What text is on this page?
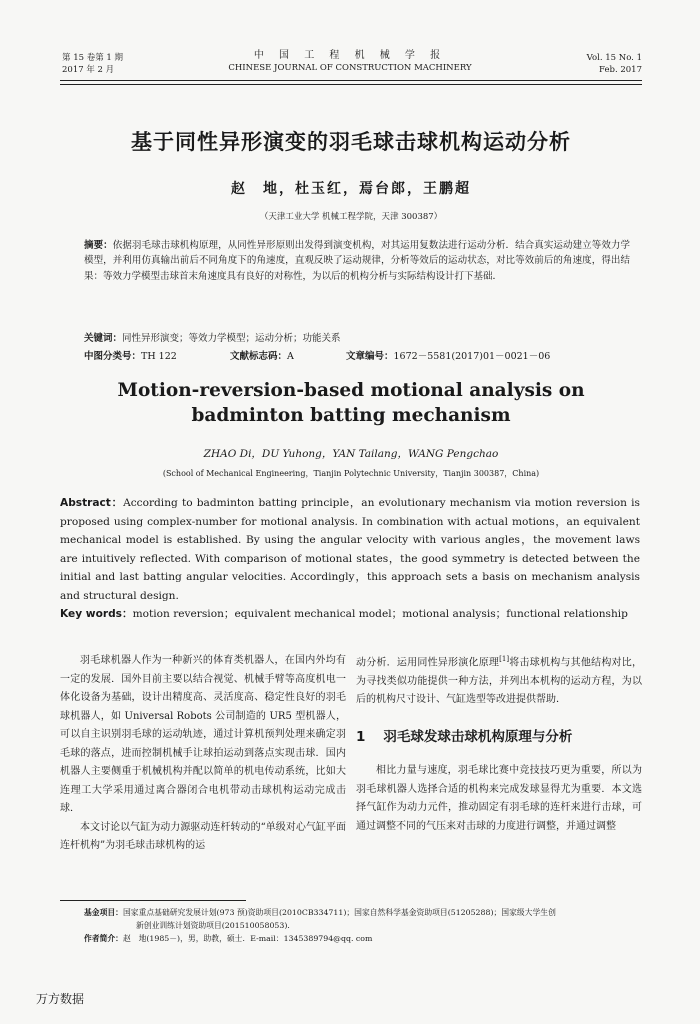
第 15 卷第 1 期
2017 年 2 月
中 国 工 程 机 械 学 报
CHINESE JOURNAL OF CONSTRUCTION MACHINERY
Vol. 15 No. 1
Feb. 2017
基于同性异形演变的羽毛球击球机构运动分析
赵　地，杜玉红，焉台郎，王鹏超
（天津工业大学 机械工程学院，天津 300387）
摘要：依据羽毛球击球机构原理，从同性异形原则出发得到演变机构，对其运用复数法进行运动分析．结合真实运动建立等效力学模型，并利用仿真输出前后不同角度下的角速度，直观反映了运动规律，分析等效后的运动状态，对比等效前后的角速度，得出结果：等效力学模型击球首末角速度具有良好的对称性，为以后的机构分析与实际结构设计打下基础．
关键词：同性异形演变；等效力学模型；运动分析；功能关系
中图分类号：TH 122	文献标志码：A	文章编号：1672－5581(2017)01－0021－06
Motion-reversion-based motional analysis on
badminton batting mechanism
ZHAO Di，DU Yuhong，YAN Tailang，WANG Pengchao
(School of Mechanical Engineering，Tianjin Polytechnic University，Tianjin 300387，China)
Abstract：According to badminton batting principle，an evolutionary mechanism via motion reversion is proposed using complex-number for motional analysis. In combination with actual motions，an equivalent mechanical model is established. By using the angular velocity with various angles，the movement laws are intuitively reflected. With comparison of motional states，the good symmetry is detected between the initial and last batting angular velocities. Accordingly，this approach sets a basis on mechanism analysis and structural design.
Key words：motion reversion；equivalent mechanical model；motional analysis；functional relationship

羽毛球机器人作为一种新兴的体育类机器人，在国内外均有一定的发展．国外目前主要以结合视觉、机械手臂等高度机电一体化设备为基础，设计出精度高、灵活度高、稳定性良好的羽毛球机器人，如 Universal Robots 公司制造的 UR5 型机器人，可以自主识别羽毛球的运动轨迹，通过计算机预判处理来确定羽毛球的落点，进而控制机械手让球拍运动到落点实现击球．国内机器人主要侧重于机械机构并配以简单的机电传动系统，比如大连理工大学采用通过离合器闭合电机带动击球机构运动完成击球．

本文讨论以气缸为动力源驱动连杆转动的“单级对心气缸平面连杆机构”为羽毛球击球机构的运

动分析．运用同性异形演化原理[1]将击球机构与其他结构对比，为寻找类似功能提供一种方法，并列出本机构的运动方程，为以后的机构尺寸设计、气缸选型等改进提供帮助．

1 羽毛球发球击球机构原理与分析

相比力量与速度，羽毛球比赛中竞技技巧更为重要，所以为羽毛球机器人选择合适的机构来完成发球显得尤为重要．本文选择气缸作为动力元件，推动固定有羽毛球的连杆来进行击球，可通过调整不同的气压来对击球的力度进行调整，并通过调整

基金项目：国家重点基础研究发展计划(973 预)资助项目(2010CB334711)；国家自然科学基金资助项目(51205288)；国家级大学生创
新创业训练计划资助项目(201510058053)．
作者简介：赵　地(1985－)，男，助教，硕士．E-mail：1345389794@qq. com
万方数据
